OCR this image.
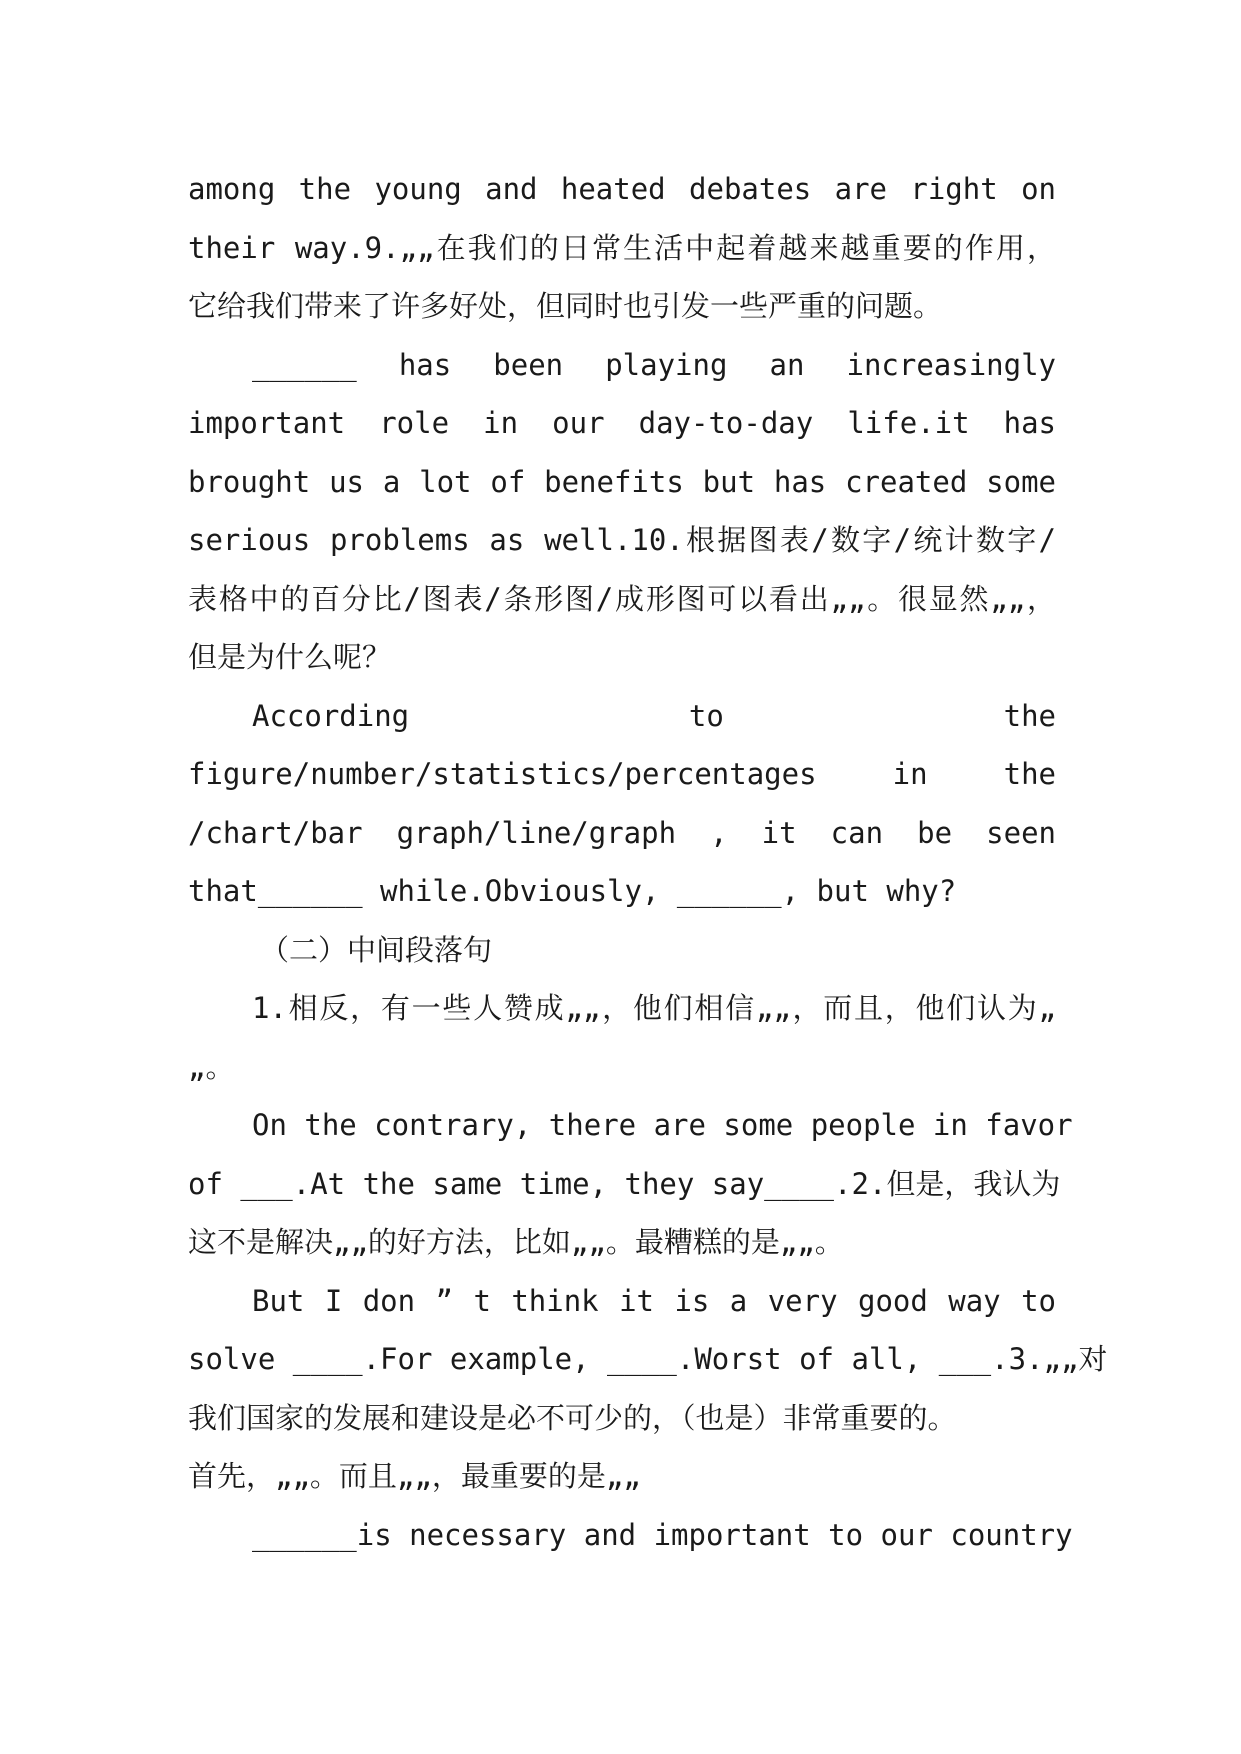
among the young and heated debates are right on
their way.9.„„在我们的日常生活中起着越来越重要的作用，
它给我们带来了许多好处，但同时也引发一些严重的问题。
______ has been playing an increasingly
important role in our day-to-day life.it has
brought us a lot of benefits but has created some
serious problems as well.10.根据图表/数字/统计数字/
表格中的百分比/图表/条形图/成形图可以看出„„。很显然„„，
但是为什么呢？
According to the
figure/number/statistics/percentages in the
/chart/bar graph/line/graph , it can be seen
that______ while.Obviously, ______, but why?
（二）中间段落句
1.相反，有一些人赞成„„，他们相信„„，而且，他们认为„
„。
On the contrary, there are some people in favor
of ___.At the same time, they say____.2.但是，我认为
这不是解决„„的好方法，比如„„。最糟糕的是„„。
But I don ” t think it is a very good way to
solve ____.For example, ____.Worst of all, ___.3.„„对
我们国家的发展和建设是必不可少的，（也是）非常重要的。
首先，„„。而且„„，最重要的是„„
______is necessary and important to our country
